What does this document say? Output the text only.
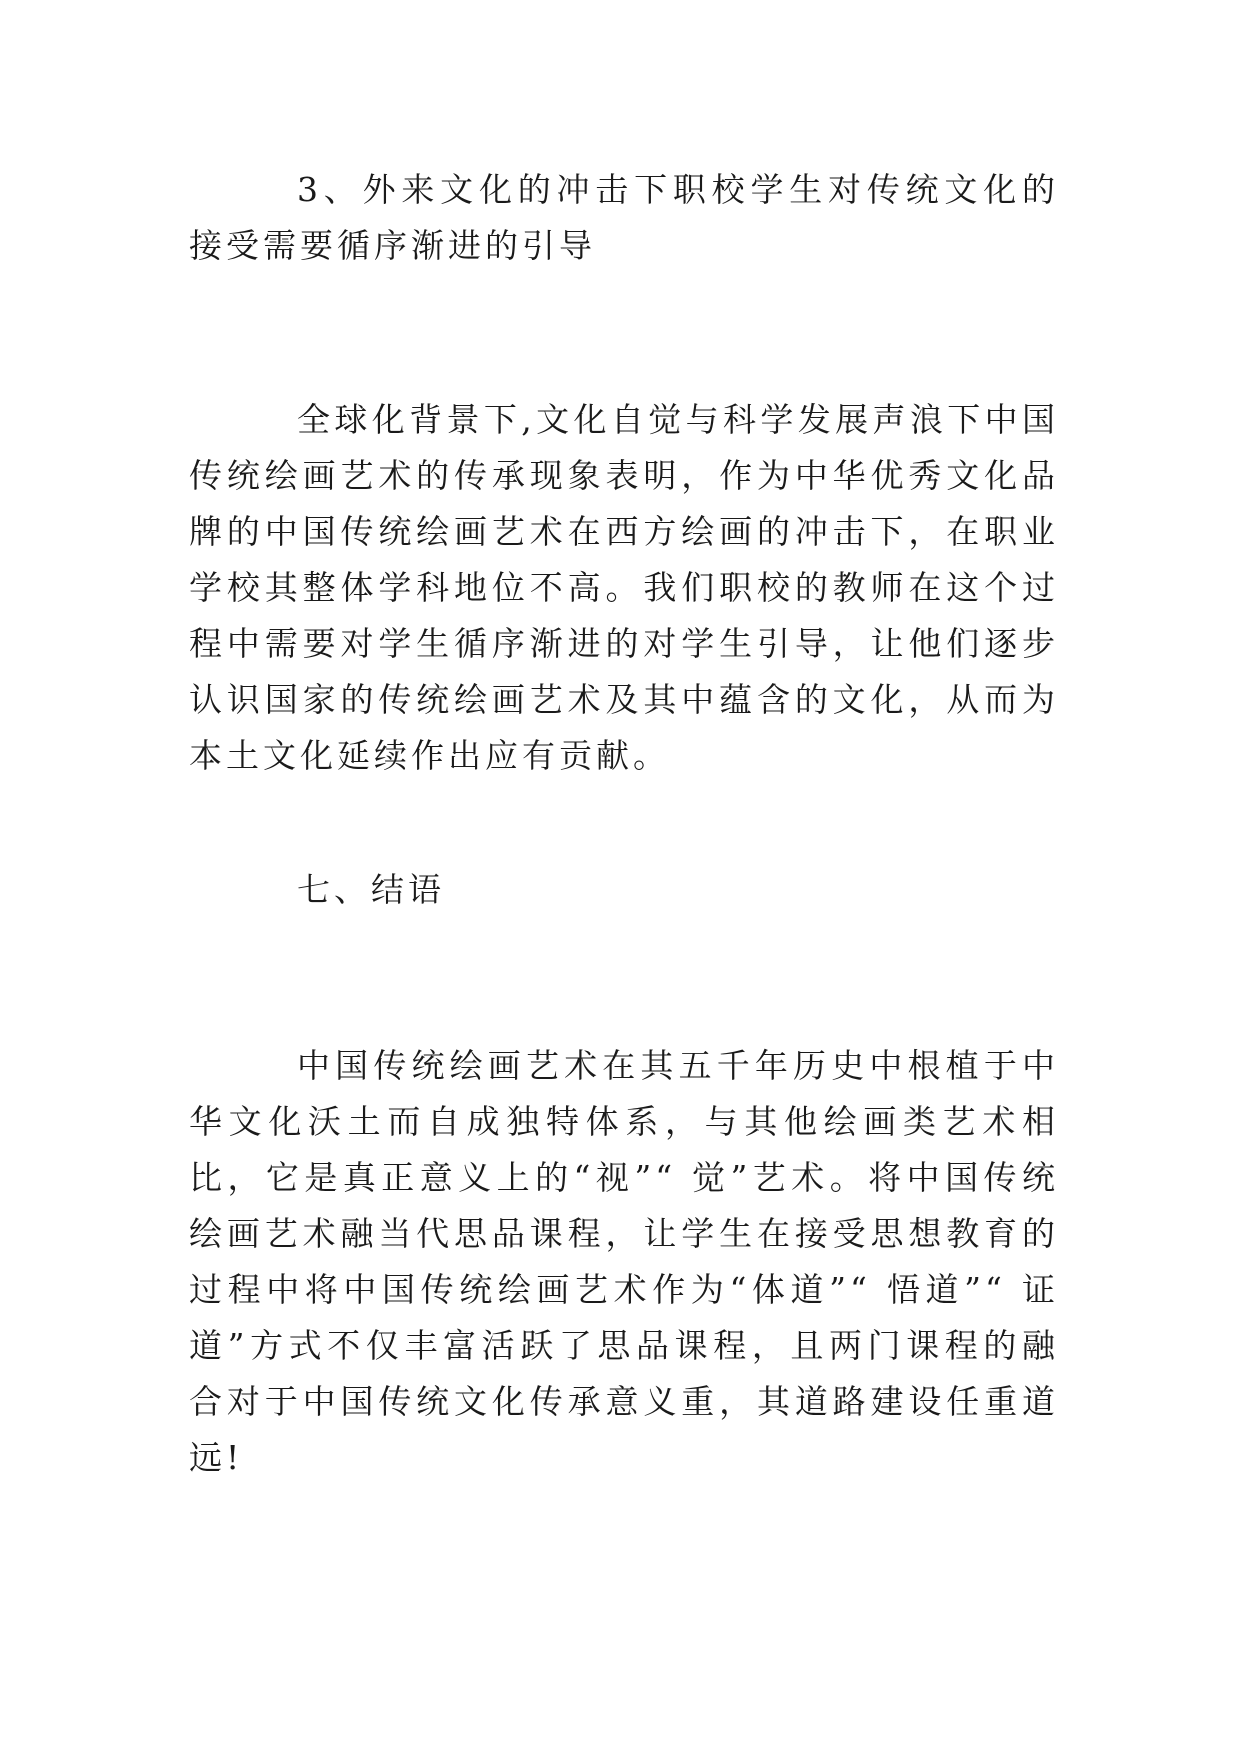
3、外来文化的冲击下职校学生对传统文化的接受需要循序渐进的引导

全球化背景下,文化自觉与科学发展声浪下中国传统绘画艺术的传承现象表明，作为中华优秀文化品牌的中国传统绘画艺术在西方绘画的冲击下，在职业学校其整体学科地位不高。我们职校的教师在这个过程中需要对学生循序渐进的对学生引导，让他们逐步认识国家的传统绘画艺术及其中蕴含的文化，从而为本土文化延续作出应有贡献。

七、结语

中国传统绘画艺术在其五千年历史中根植于中华文化沃土而自成独特体系，与其他绘画类艺术相比，它是真正意义上的“视”“ 觉”艺术。将中国传统绘画艺术融当代思品课程，让学生在接受思想教育的过程中将中国传统绘画艺术作为“体道”“ 悟道”“ 证道”方式不仅丰富活跃了思品课程，且两门课程的融合对于中国传统文化传承意义重，其道路建设任重道远!
